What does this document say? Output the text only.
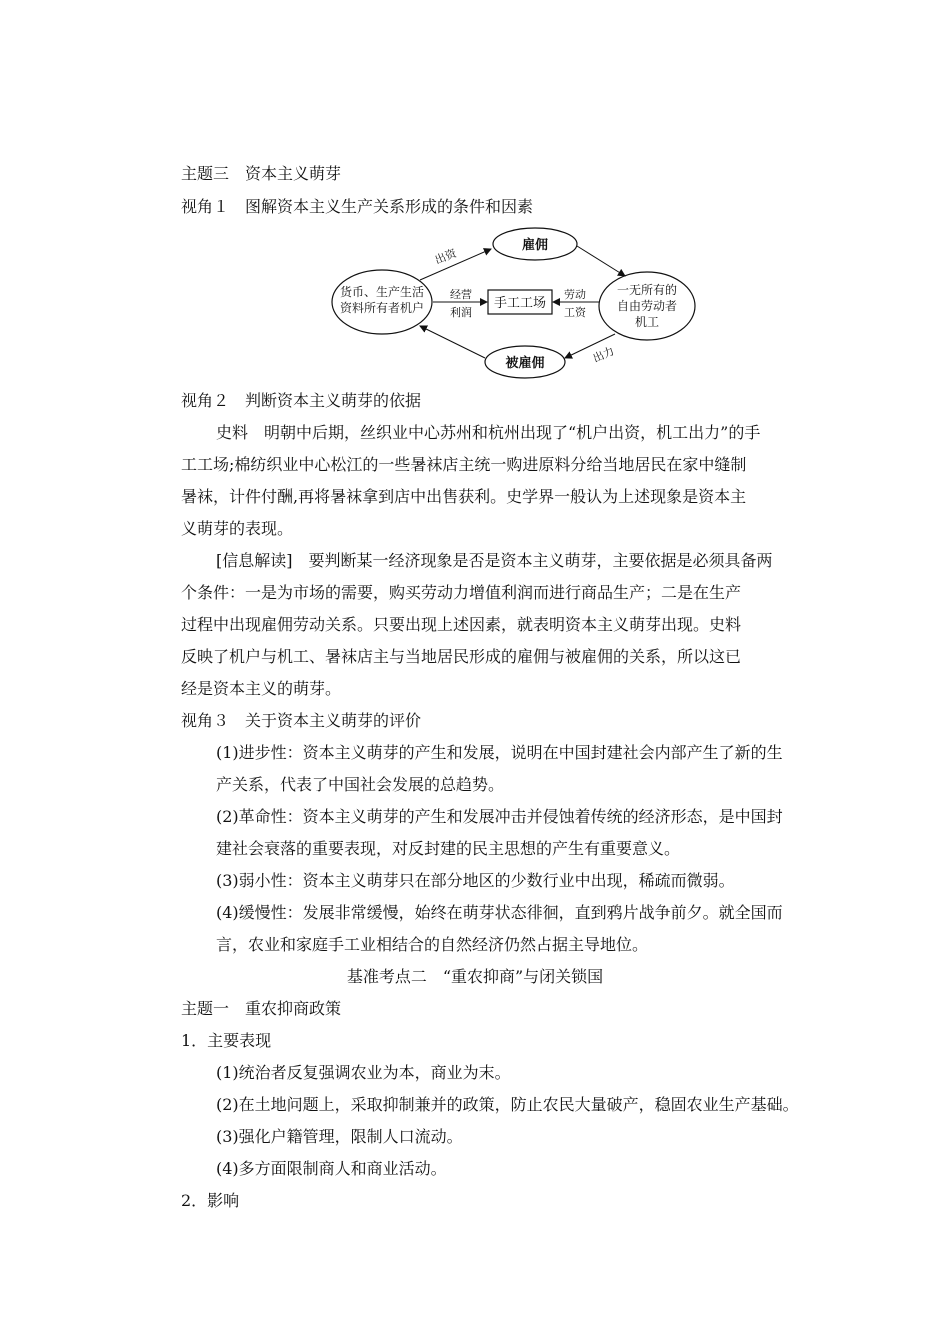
主题三　资本主义萌芽
视角１　图解资本主义生产关系形成的条件和因素
货币、生产生活
资料所有者机户
雇佣
被雇佣
一无所有的
自由劳动者
机工
手工工场
出资
出力
经营
利润
劳动
工资
视角２　判断资本主义萌芽的依据
史料　明朝中后期，丝织业中心苏州和杭州出现了“机户出资，机工出力”的手
工工场;棉纺织业中心松江的一些暑袜店主统一购进原料分给当地居民在家中缝制
暑袜，计件付酬,再将暑袜拿到店中出售获利。史学界一般认为上述现象是资本主
义萌芽的表现。
[信息解读]　要判断某一经济现象是否是资本主义萌芽，主要依据是必须具备两
个条件：一是为市场的需要，购买劳动力增值利润而进行商品生产；二是在生产
过程中出现雇佣劳动关系。只要出现上述因素，就表明资本主义萌芽出现。史料
反映了机户与机工、暑袜店主与当地居民形成的雇佣与被雇佣的关系，所以这已
经是资本主义的萌芽。
视角３　关于资本主义萌芽的评价
(1)进步性：资本主义萌芽的产生和发展，说明在中国封建社会内部产生了新的生
产关系，代表了中国社会发展的总趋势。
(2)革命性：资本主义萌芽的产生和发展冲击并侵蚀着传统的经济形态，是中国封
建社会衰落的重要表现，对反封建的民主思想的产生有重要意义。
(3)弱小性：资本主义萌芽只在部分地区的少数行业中出现，稀疏而微弱。
(4)缓慢性：发展非常缓慢，始终在萌芽状态徘徊，直到鸦片战争前夕。就全国而
言，农业和家庭手工业相结合的自然经济仍然占据主导地位。
基准考点二　“重农抑商”与闭关锁国
主题一　重农抑商政策
1．主要表现
(1)统治者反复强调农业为本，商业为末。
(2)在土地问题上，采取抑制兼并的政策，防止农民大量破产，稳固农业生产基础。
(3)强化户籍管理，限制人口流动。
(4)多方面限制商人和商业活动。
2．影响
